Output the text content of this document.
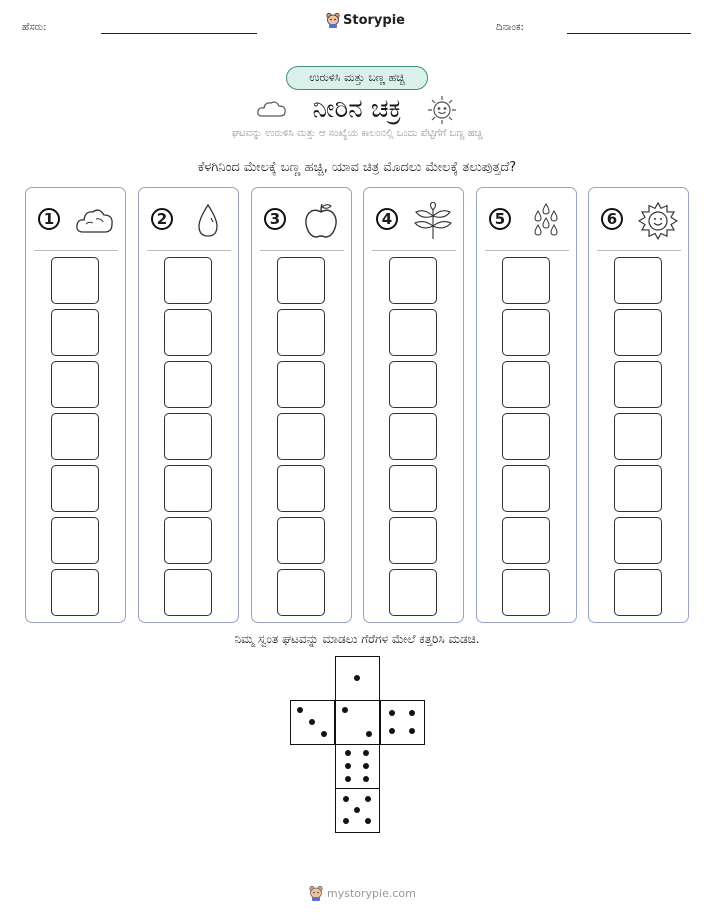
ಹೆಸರು:	Storypie	ದಿನಾಂಕ:
ಉರುಳಿಸಿ ಮತ್ತು ಬಣ್ಣ ಹಚ್ಚಿ
ನೀರಿನ ಚಕ್ರ
ಘಟವನ್ನು ಉರುಳಿಸಿ ಮತ್ತು ಆ ಸಂಖ್ಯೆಯ ಕಾಲಂನಲ್ಲಿ ಒಂದು ಪೆಟ್ಟಿಗೆಗೆ ಬಣ್ಣ ಹಚ್ಚಿ
ಕೆಳಗಿನಿಂದ ಮೇಲಕ್ಕೆ ಬಣ್ಣ ಹಚ್ಚಿ, ಯಾವ ಚಿತ್ರ ಮೊದಲು ಮೇಲಕ್ಕೆ ತಲುಪುತ್ತದೆ?
1	2	3	4	5	6
ನಿಮ್ಮ ಸ್ವಂತ ಘಟವನ್ನು ಮಾಡಲು ಗೆರೆಗಳ ಮೇಲೆ ಕತ್ತರಿಸಿ ಮಡಚಿ.
mystorypie.com
